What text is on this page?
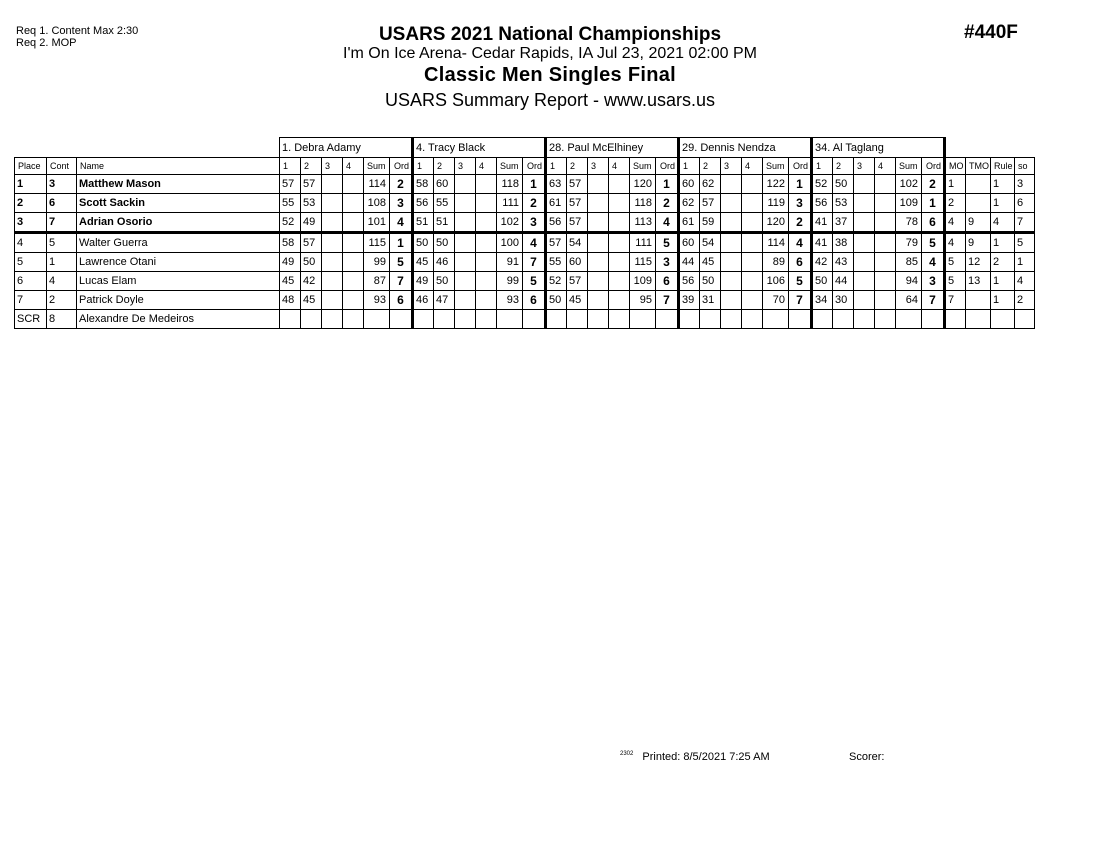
Req 1. Content Max 2:30
Req 2. MOP	#440F
USARS 2021 National Championships
I'm On Ice Arena- Cedar Rapids, IA Jul 23, 2021 02:00 PM
Classic Men Singles Final
USARS Summary Report - www.usars.us
			1. Debra Adamy						4. Tracy Black						28. Paul McElhiney						29. Dennis Nendza						34. Al Taglang									
Place	Cont	Name	1	2	3	4	Sum	Ord	1	2	3	4	Sum	Ord	1	2	3	4	Sum	Ord	1	2	3	4	Sum	Ord	1	2	3	4	Sum	Ord	MO	TMO	Rule	so
1	3	Matthew Mason	57	57			114	2	58	60			118	1	63	57			120	1	60	62			122	1	52	50			102	2	1		1	3
2	6	Scott Sackin	55	53			108	3	56	55			111	2	61	57			118	2	62	57			119	3	56	53			109	1	2		1	6
3	7	Adrian Osorio	52	49			101	4	51	51			102	3	56	57			113	4	61	59			120	2	41	37			78	6	4	9	4	7
4	5	Walter Guerra	58	57			115	1	50	50			100	4	57	54			111	5	60	54			114	4	41	38			79	5	4	9	1	5
5	1	Lawrence Otani	49	50			99	5	45	46			91	7	55	60			115	3	44	45			89	6	42	43			85	4	5	12	2	1
6	4	Lucas Elam	45	42			87	7	49	50			99	5	52	57			109	6	56	50			106	5	50	44			94	3	5	13	1	4
7	2	Patrick Doyle	48	45			93	6	46	47			93	6	50	45			95	7	39	31			70	7	34	30			64	7	7		1	2
SCR	8	Alexandre De Medeiros																																		
$^{2302}$ Printed: 8/5/2021 7:25 AM	Scorer:
